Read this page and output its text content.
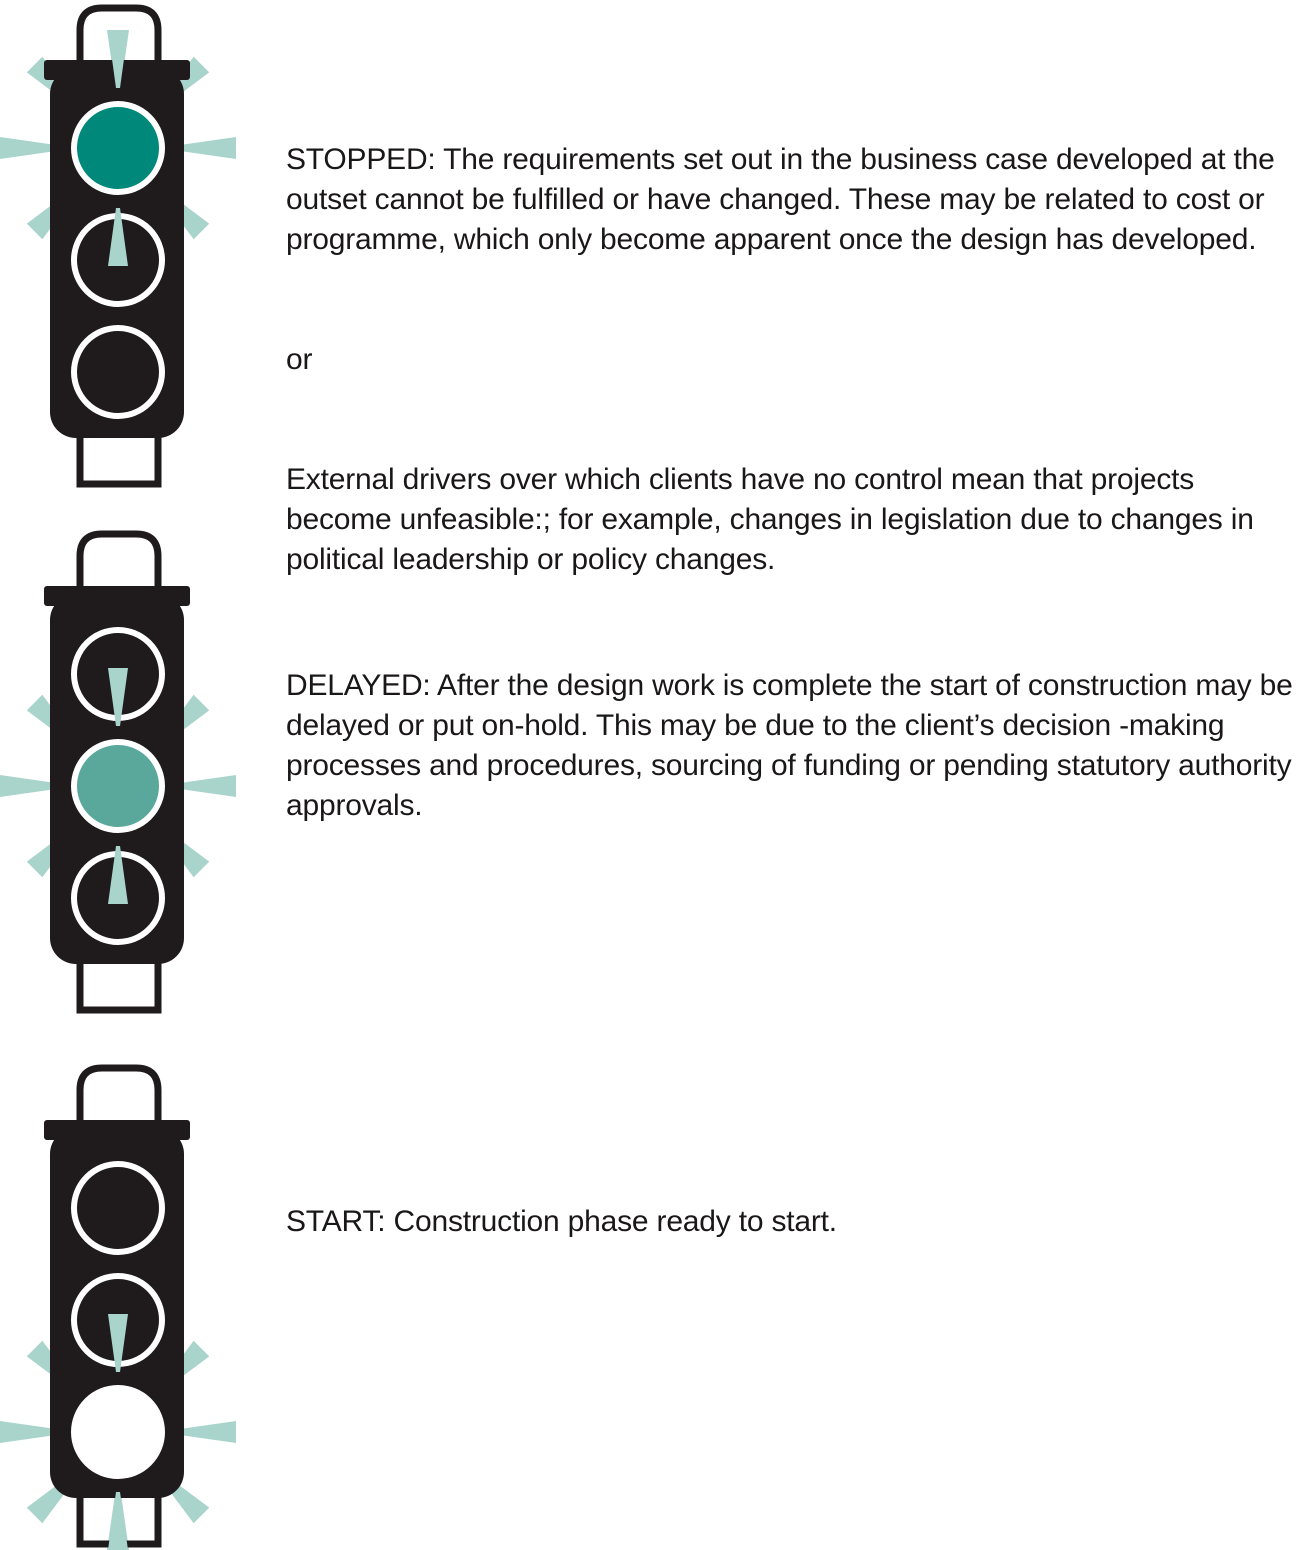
STOPPED: The requirements set out in the business case developed at the outset cannot be fulfilled or have changed. These may be related to cost or programme, which only become apparent once the design has developed.

or

External drivers over which clients have no control mean that projects become unfeasible:; for example, changes in legislation due to changes in political leadership or policy changes.

DELAYED: After the design work is complete the start of construction may be delayed or put on-hold. This may be due to the client’s decision -making processes and procedures, sourcing of funding or pending statutory authority approvals.

START: Construction phase ready to start.
